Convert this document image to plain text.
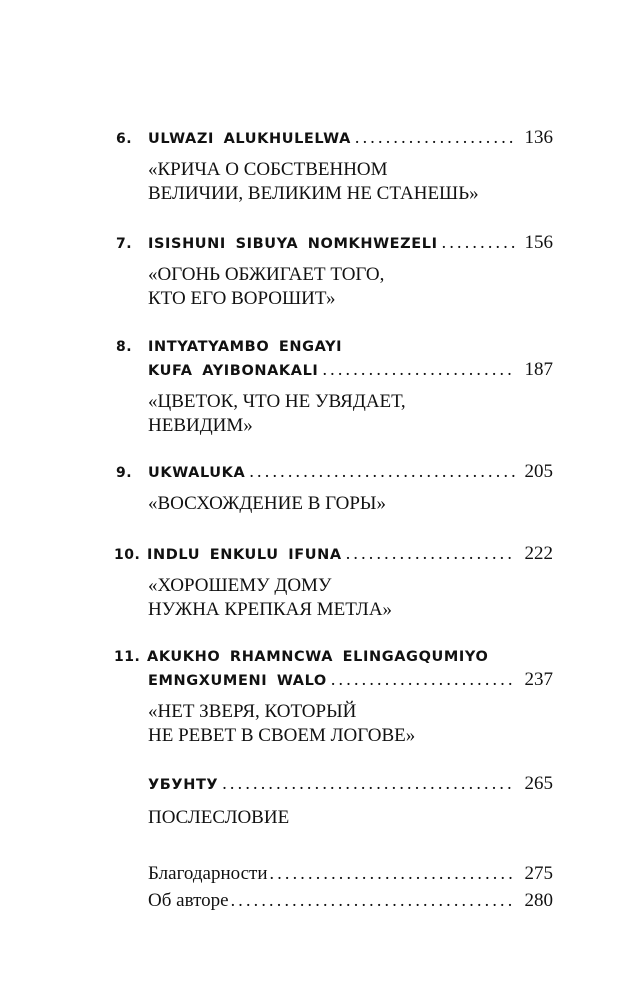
6.	ULWAZI ALUKHULELWA .....	136
«КРИЧА О СОБСТВЕННОМ
ВЕЛИЧИИ, ВЕЛИКИМ НЕ СТАНЕШЬ»
7.	ISISHUNI SIBUYA NOMKHWEZELI .....	156
«ОГОНЬ ОБЖИГАЕТ ТОГО,
КТО ЕГО ВОРОШИТ»
8.	INTYATYAMBO ENGAYI
KUFA AYIBONAKALI .....	187
«ЦВЕТОК, ЧТО НЕ УВЯДАЕТ,
НЕВИДИМ»
9.	UKWALUKA .....	205
«ВОСХОЖДЕНИЕ В ГОРЫ»
10. INDLU ENKULU IFUNA .....	222
«ХОРОШЕМУ ДОМУ
НУЖНА КРЕПКАЯ МЕТЛА»
11. AKUKHO RHAMNCWA ELINGAGQUMIYO
EMNGXUMENI WALO .....	237
«НЕТ ЗВЕРЯ, КОТОРЫЙ
НЕ РЕВЕТ В СВОЕМ ЛОГОВЕ»
УБУНТУ .....	265
ПОСЛЕСЛОВИЕ
Благодарности .....	275
Об авторе .....	280
